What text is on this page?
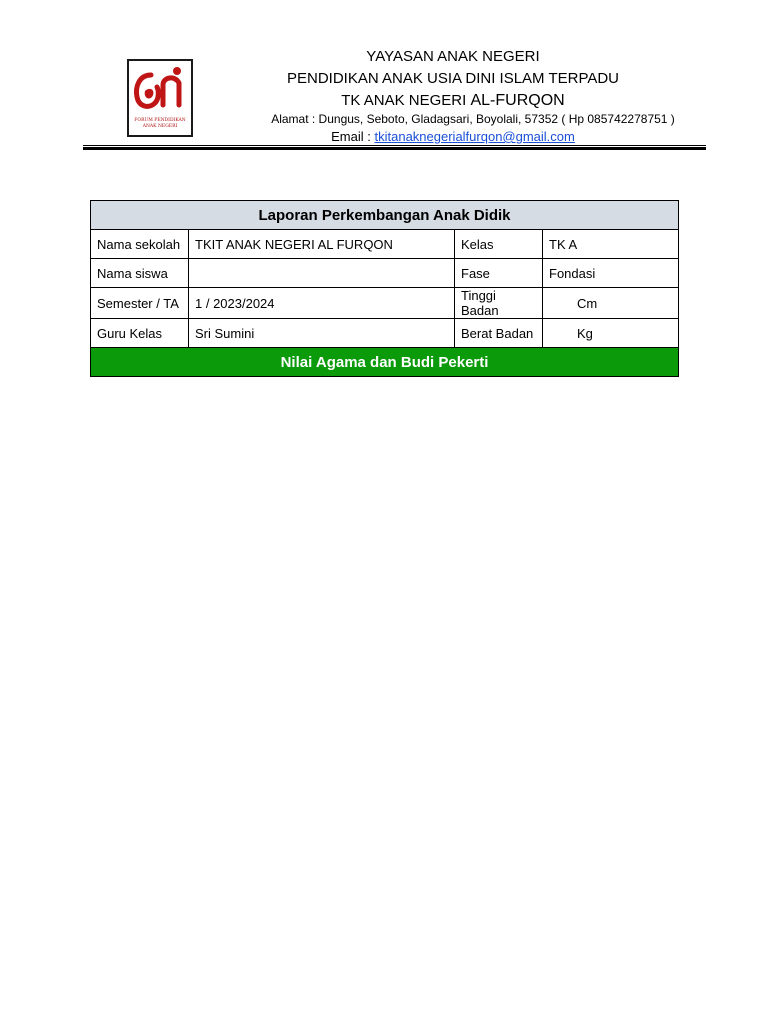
FORUM PENDIDIKAN
ANAK NEGERI
YAYASAN ANAK NEGERI
PENDIDIKAN ANAK USIA DINI ISLAM TERPADU
TK ANAK NEGERI AL-FURQON
Alamat : Dungus, Seboto, Gladagsari, Boyolali, 57352 ( Hp 085742278751 )
Email : tkitanaknegerialfurqon@gmail.com
Laporan Perkembangan Anak Didik			
Nama sekolah	TKIT ANAK NEGERI AL FURQON	Kelas	TK A
Nama siswa		Fase	Fondasi
Semester / TA	1 / 2023/2024	Tinggi Badan	Cm
Guru Kelas	Sri Sumini	Berat Badan	Kg
Nilai Agama dan Budi Pekerti			
